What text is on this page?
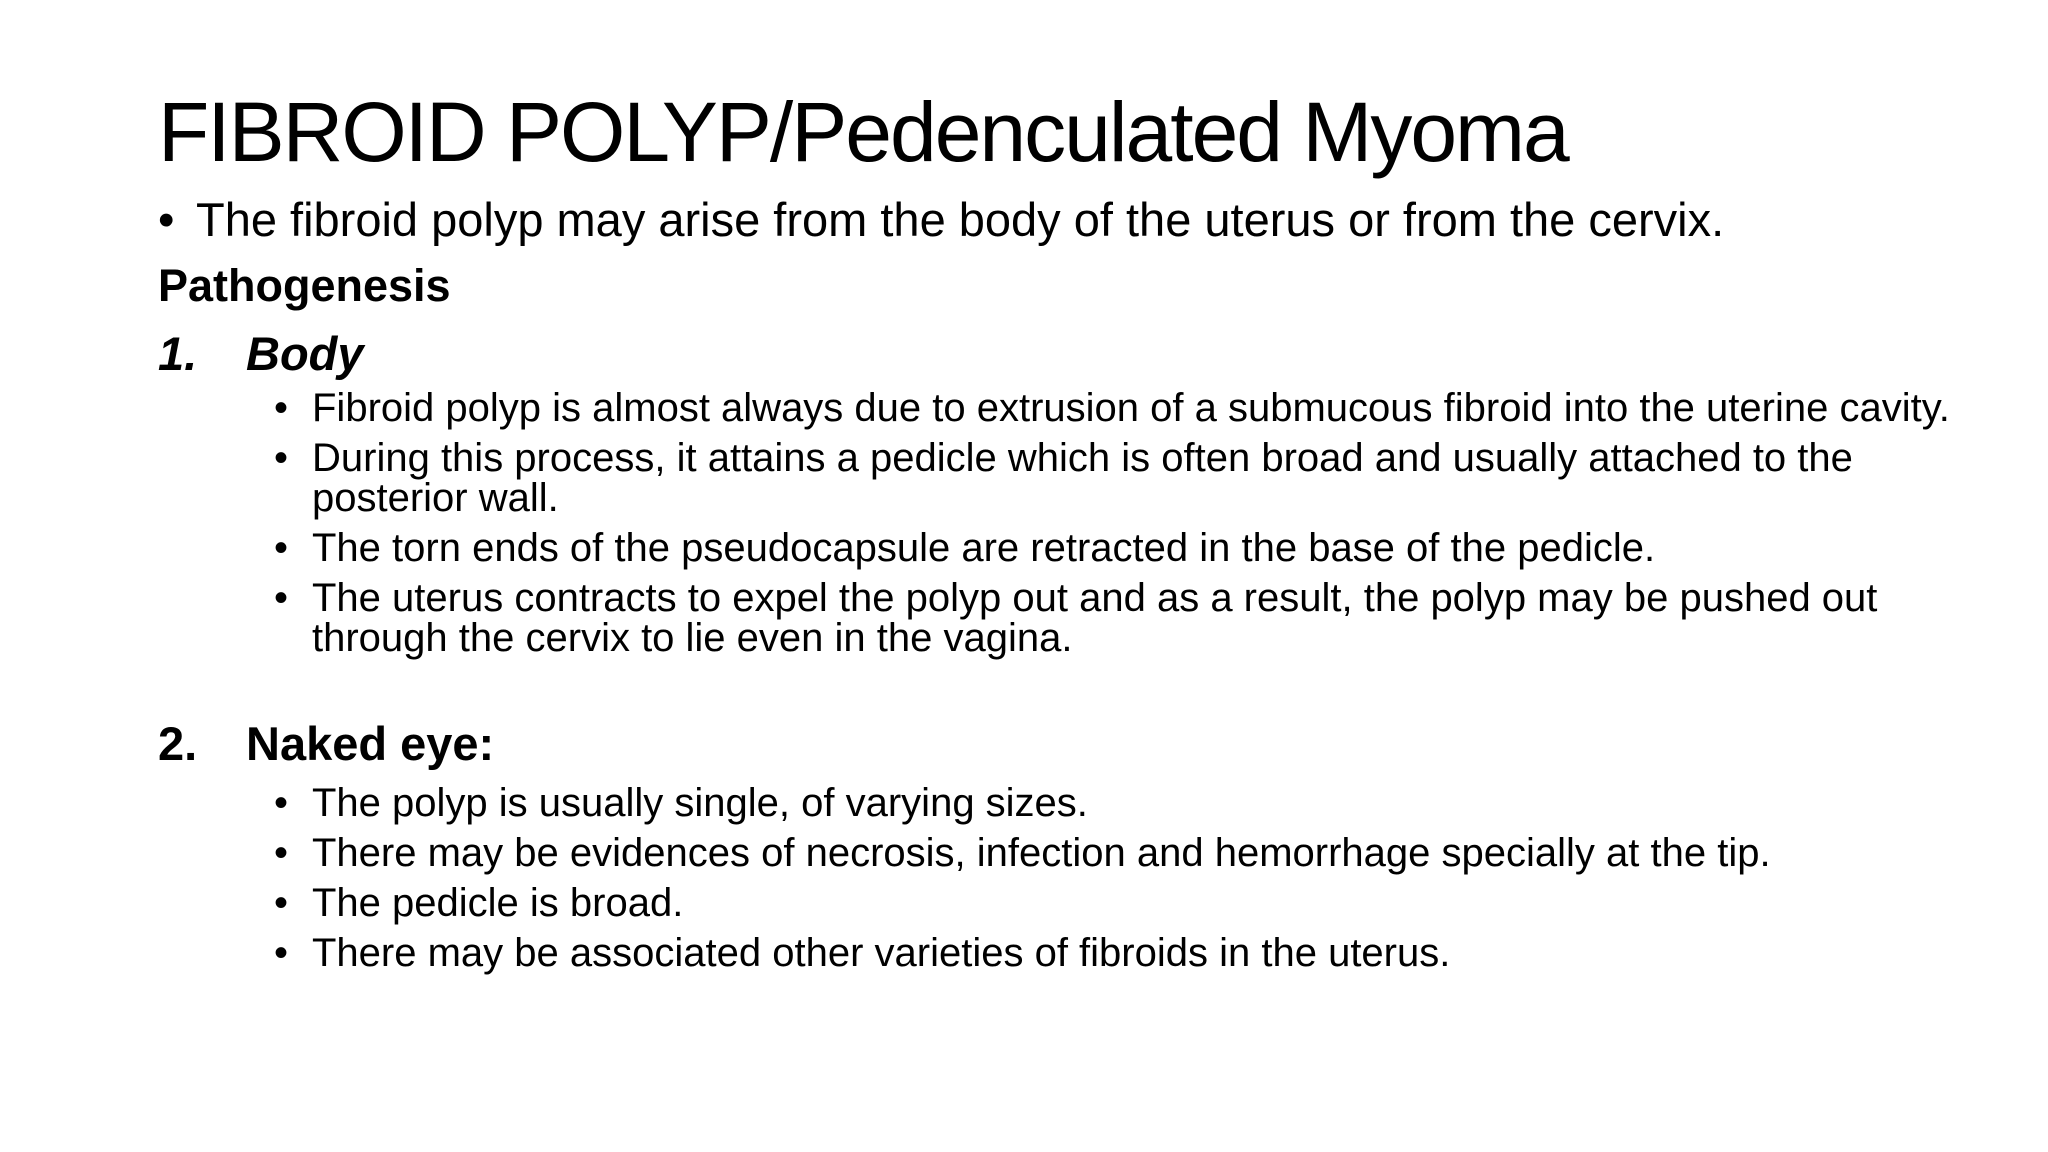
FIBROID POLYP/Pedenculated Myoma
• The fibroid polyp may arise from the body of the uterus or from the cervix.
Pathogenesis
1. Body
• Fibroid polyp is almost always due to extrusion of a submucous fibroid into the uterine cavity.
• During this process, it attains a pedicle which is often broad and usually attached to the posterior wall.
• The torn ends of the pseudocapsule are retracted in the base of the pedicle.
• The uterus contracts to expel the polyp out and as a result, the polyp may be pushed out through the cervix to lie even in the vagina.
2. Naked eye:
• The polyp is usually single, of varying sizes.
• There may be evidences of necrosis, infection and hemorrhage specially at the tip.
• The pedicle is broad.
• There may be associated other varieties of fibroids in the uterus.
